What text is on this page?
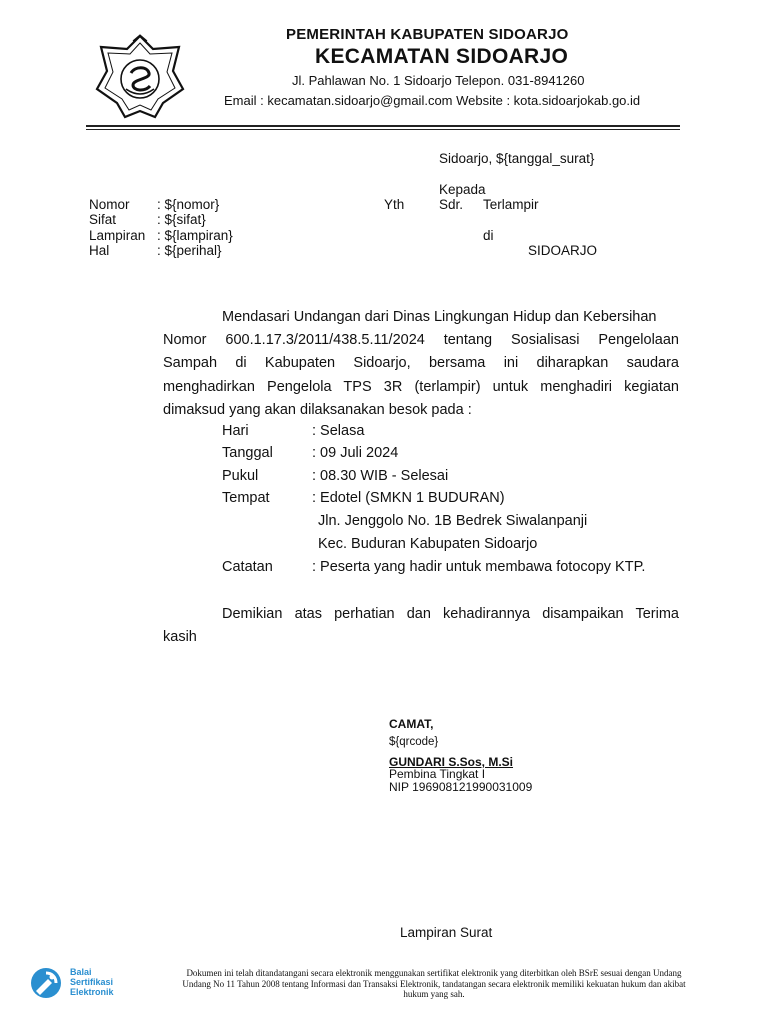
PEMERINTAH KABUPATEN SIDOARJO
KECAMATAN SIDOARJO
Jl. Pahlawan No. 1 Sidoarjo Telepon. 031-8941260
Email : kecamatan.sidoarjo@gmail.com Website : kota.sidoarjokab.go.id
Sidoarjo, ${tanggal_surat}
Kepada
Yth	Sdr. Terlampir
di
SIDOARJO
Nomor : ${nomor}
Sifat	: ${sifat}
Lampiran : ${lampiran}
Hal	: ${perihal}
Mendasari Undangan dari Dinas Lingkungan Hidup dan Kebersihan
Nomor 600.1.17.3/2011/438.5.11/2024 tentang Sosialisasi Pengelolaan
Sampah di Kabupaten Sidoarjo, bersama ini diharapkan saudara
menghadirkan Pengelola TPS 3R (terlampir) untuk menghadiri kegiatan
dimaksud yang akan dilaksanakan besok pada :
Hari	: Selasa
Tanggal	: 09 Juli 2024
Pukul	: 08.30 WIB - Selesai
Tempat	: Edotel (SMKN 1 BUDURAN)
Jln. Jenggolo No. 1B Bedrek Siwalanpanji
Kec. Buduran Kabupaten Sidoarjo
Catatan	: Peserta yang hadir untuk membawa fotocopy KTP.
Demikian atas perhatian dan kehadirannya disampaikan Terima
kasih
CAMAT,
${qrcode}
GUNDARI S.Sos, M.Si
Pembina Tingkat I
NIP 196908121990031009
Lampiran Surat
Balai
Sertifikasi
Elektronik
Dokumen ini telah ditandatangani secara elektronik menggunakan sertifikat elektronik yang diterbitkan oleh BSrE sesuai dengan Undang
Undang No 11 Tahun 2008 tentang Informasi dan Transaksi Elektronik, tandatangan secara elektronik memiliki kekuatan hukum dan akibat
hukum yang sah.
